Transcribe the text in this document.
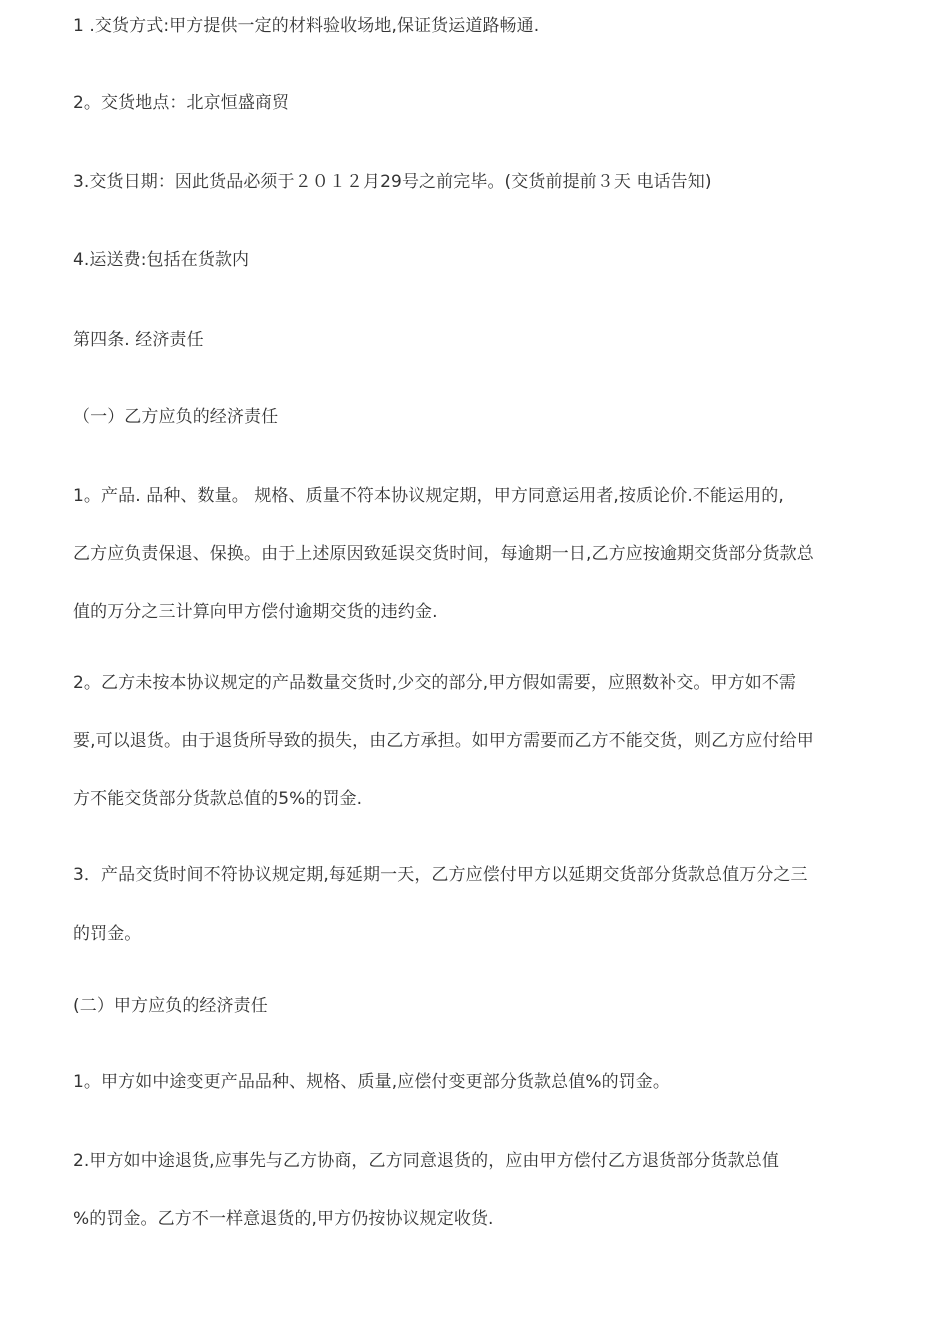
1 .交货方式:甲方提供一定的材料验收场地,保证货运道路畅通.
2。交货地点：北京恒盛商贸
3.交货日期：因此货品必须于２０１２月29号之前完毕。(交货前提前３天 电话告知)
4.运送费:包括在货款内
第四条. 经济责任
（一）乙方应负的经济责任
1。产品. 品种、数量。 规格、质量不符本协议规定期，甲方同意运用者,按质论价.不能运用的,
乙方应负责保退、保换。由于上述原因致延误交货时间，每逾期一日,乙方应按逾期交货部分货款总
值的万分之三计算向甲方偿付逾期交货的违约金.
2。乙方未按本协议规定的产品数量交货时,少交的部分,甲方假如需要，应照数补交。甲方如不需
要,可以退货。由于退货所导致的损失，由乙方承担。如甲方需要而乙方不能交货，则乙方应付给甲
方不能交货部分货款总值的5%的罚金.
3．产品交货时间不符协议规定期,每延期一天，乙方应偿付甲方以延期交货部分货款总值万分之三
的罚金。
(二）甲方应负的经济责任
1。甲方如中途变更产品品种、规格、质量,应偿付变更部分货款总值%的罚金。
2.甲方如中途退货,应事先与乙方协商，乙方同意退货的，应由甲方偿付乙方退货部分货款总值
%的罚金。乙方不一样意退货的,甲方仍按协议规定收货.
